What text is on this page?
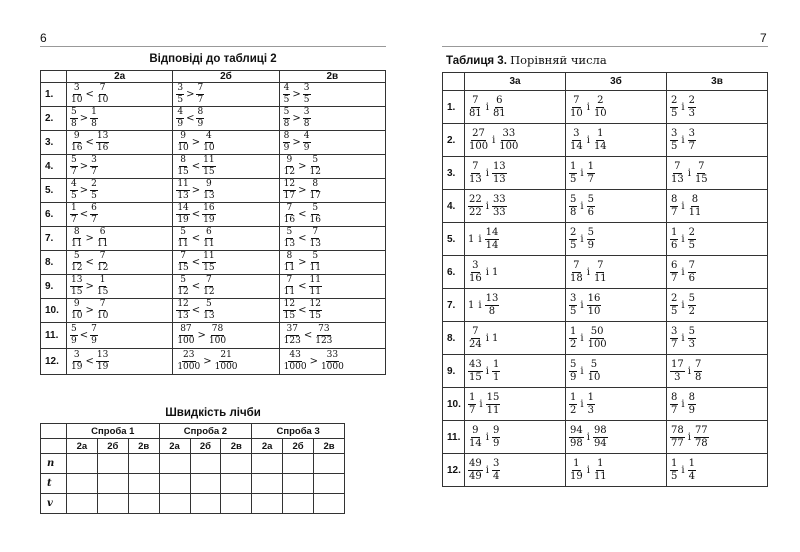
6
Відповіді до таблиці 2
	2а	2б	2в
1.	$\frac{3}{10} < \frac{7}{10}$	$\frac{3}{5} > \frac{7}{7}$	$\frac{4}{5} > \frac{3}{5}$

2.	$\frac{5}{8} > \frac{1}{8}$	$\frac{4}{9} < \frac{8}{9}$	$\frac{5}{8} > \frac{3}{8}$

3.	$\frac{9}{16} < \frac{13}{16}$	$\frac{9}{10} > \frac{4}{10}$	$\frac{8}{9} > \frac{4}{9}$

4.	$\frac{5}{7} > \frac{3}{7}$	$\frac{8}{15} < \frac{11}{15}$	$\frac{9}{12} > \frac{5}{12}$

5.	$\frac{4}{5} > \frac{2}{5}$	$\frac{11}{13} > \frac{9}{13}$	$\frac{12}{17} > \frac{8}{17}$

6.	$\frac{1}{7} < \frac{6}{7}$	$\frac{14}{19} < \frac{16}{19}$	$\frac{7}{16} < \frac{5}{16}$

7.	$\frac{8}{11} > \frac{6}{11}$	$\frac{5}{11} < \frac{6}{11}$	$\frac{5}{13} < \frac{7}{13}$

8.	$\frac{5}{12} < \frac{7}{12}$	$\frac{7}{15} < \frac{11}{15}$	$\frac{8}{11} > \frac{5}{11}$

9.	$\frac{13}{15} > \frac{1}{15}$	$\frac{5}{12} < \frac{7}{12}$	$\frac{7}{11} < \frac{11}{11}$

10.	$\frac{9}{10} > \frac{7}{10}$	$\frac{12}{13} < \frac{5}{13}$	$\frac{12}{15} < \frac{12}{15}$

11.	$\frac{5}{9} < \frac{7}{9}$	$\frac{87}{100} > \frac{78}{100}$	$\frac{37}{123} < \frac{73}{123}$

12.	$\frac{3}{19} < \frac{13}{19}$	$\frac{23}{1000} > \frac{21}{1000}$	$\frac{43}{1000} > \frac{33}{1000}$
Швидкість лічби
	Спроба 1			Спроба 2			Спроба 3		
	2а	2б	2в	2а	2б	2в	2а	2б	2в
n									
t									
v									
7
Таблиця 3. Порівняй числа
	3а	3б	3в
1.	$\frac{7}{81}$ і $\frac{6}{81}$	$\frac{7}{10}$ і $\frac{2}{10}$	$\frac{2}{5}$ і $\frac{2}{3}$

2.	$\frac{27}{100}$ і $\frac{33}{100}$	$\frac{3}{14}$ і $\frac{1}{14}$	$\frac{3}{5}$ і $\frac{3}{7}$

3.	$\frac{7}{13}$ і $\frac{13}{13}$	$\frac{1}{5}$ і $\frac{1}{7}$	$\frac{7}{13}$ і $\frac{7}{15}$

4.	$\frac{22}{22}$ і $\frac{33}{33}$	$\frac{5}{8}$ і $\frac{5}{6}$	$\frac{8}{7}$ і $\frac{8}{11}$

5.	1 і $\frac{14}{14}$	$\frac{2}{5}$ і $\frac{5}{9}$	$\frac{1}{6}$ і $\frac{2}{5}$

6.	$\frac{3}{16}$ і 1	$\frac{7}{18}$ і $\frac{7}{11}$	$\frac{6}{7}$ і $\frac{7}{6}$

7.	1 і $\frac{13}{8}$	$\frac{3}{5}$ і $\frac{16}{10}$	$\frac{2}{5}$ і $\frac{5}{2}$

8.	$\frac{7}{24}$ і 1	$\frac{1}{2}$ і $\frac{50}{100}$	$\frac{3}{7}$ і $\frac{5}{3}$

9.	$\frac{43}{15}$ і $\frac{1}{1}$	$\frac{5}{9}$ і $\frac{5}{10}$	$\frac{17}{3}$ і $\frac{7}{8}$

10.	$\frac{1}{7}$ і $\frac{15}{11}$	$\frac{1}{2}$ і $\frac{1}{3}$	$\frac{8}{7}$ і $\frac{8}{9}$

11.	$\frac{9}{14}$ і $\frac{9}{9}$	$\frac{94}{98}$ і $\frac{98}{94}$	$\frac{78}{77}$ і $\frac{77}{78}$

12.	$\frac{49}{49}$ і $\frac{3}{4}$	$\frac{1}{19}$ і $\frac{1}{11}$	$\frac{1}{5}$ і $\frac{1}{4}$
